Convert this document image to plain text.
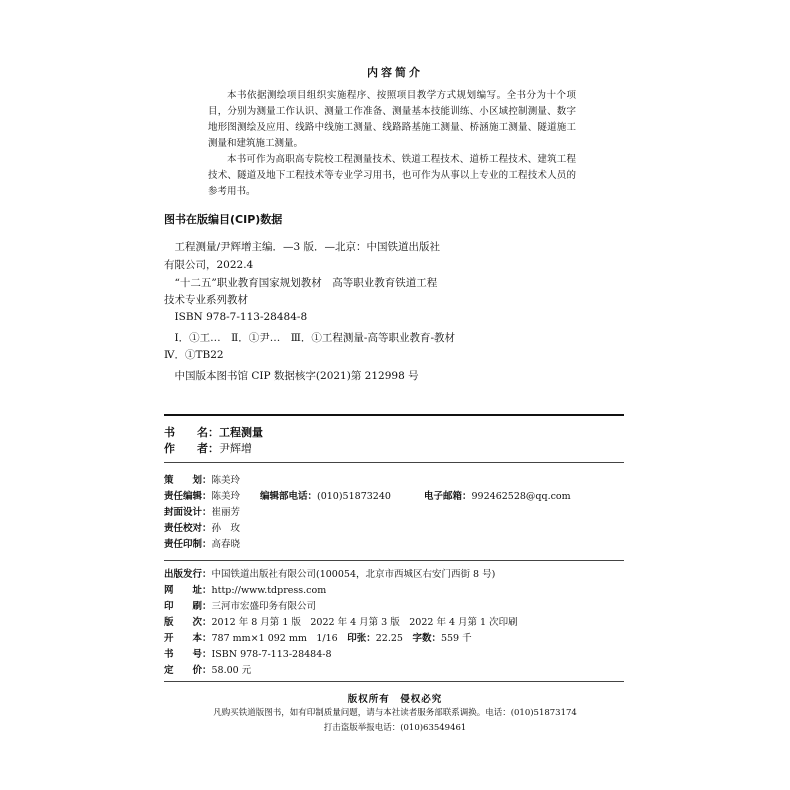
内容简介

本书依据测绘项目组织实施程序、按照项目教学方式规划编写。全书分为十个项目，分别为测量工作认识、测量工作准备、测量基本技能训练、小区域控制测量、数字地形图测绘及应用、线路中线施工测量、线路路基施工测量、桥涵施工测量、隧道施工测量和建筑施工测量。

本书可作为高职高专院校工程测量技术、铁道工程技术、道桥工程技术、建筑工程技术、隧道及地下工程技术等专业学习用书，也可作为从事以上专业的工程技术人员的参考用书。

图书在版编目(CIP)数据
工程测量/尹辉增主编．—3 版．—北京：中国铁道出版社
有限公司，2022.4
“十二五”职业教育国家规划教材　高等职业教育铁道工程
技术专业系列教材
ISBN 978-7-113-28484-8
Ⅰ．①工…　Ⅱ．①尹…　Ⅲ．①工程测量-高等职业教育-教材
Ⅳ．①TB22
中国版本图书馆 CIP 数据核字(2021)第 212998 号
书　　名：工程测量
作　　者：尹辉增
策　　划：陈美玲
责任编辑：陈美玲 编辑部电话：(010)51873240	电子邮箱：992462528@qq.com
封面设计：崔丽芳
责任校对：孙　玫
责任印制：高春晓
出版发行：中国铁道出版社有限公司(100054，北京市西城区右安门西街 8 号)
网　　址：http://www.tdpress.com
印　　刷：三河市宏盛印务有限公司
版　　次：2012 年 8 月第 1 版　2022 年 4 月第 3 版　2022 年 4 月第 1 次印刷
开　　本：787 mm×1 092 mm　1/16　印张：22.25　字数：559 千
书　　号：ISBN 978-7-113-28484-8
定　　价：58.00 元
版权所有　侵权必究
凡购买铁道版图书，如有印制质量问题，请与本社读者服务部联系调换。电话：(010)51873174
打击盗版举报电话：(010)63549461
